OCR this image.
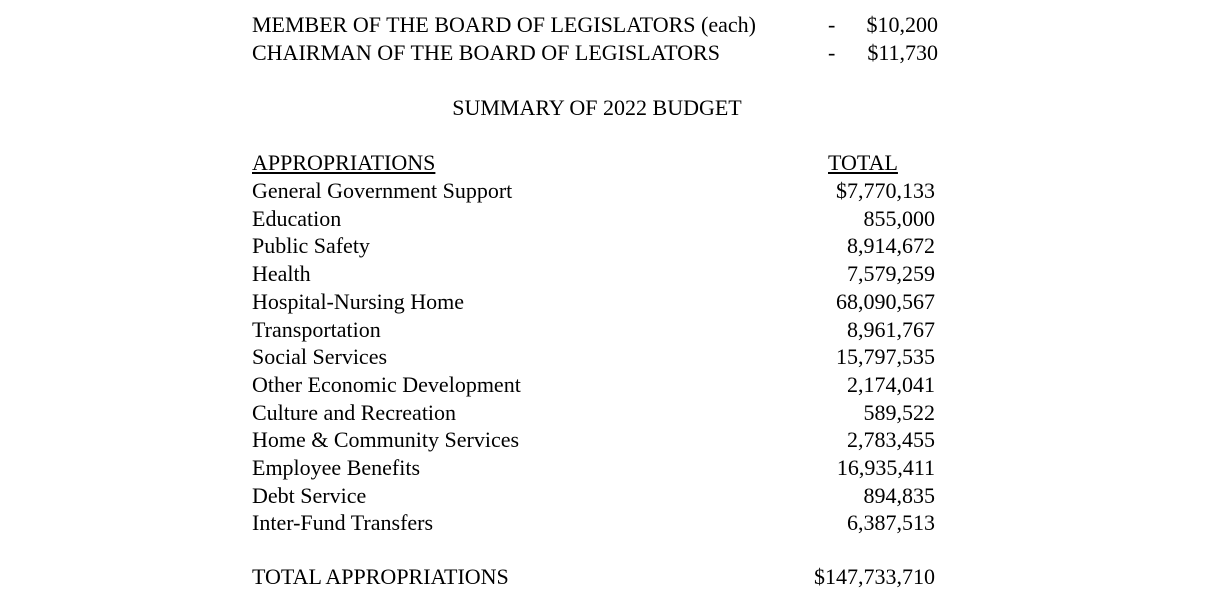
MEMBER OF THE BOARD OF LEGISLATORS (each)	- $10,200
CHAIRMAN OF THE BOARD OF LEGISLATORS	- $11,730
SUMMARY OF 2022 BUDGET
APPROPRIATIONS	TOTAL
General Government Support	$7,770,133
Education	855,000
Public Safety	8,914,672
Health	7,579,259
Hospital-Nursing Home	68,090,567
Transportation	8,961,767
Social Services	15,797,535
Other Economic Development	2,174,041
Culture and Recreation	589,522
Home & Community Services	2,783,455
Employee Benefits	16,935,411
Debt Service	894,835
Inter-Fund Transfers	6,387,513
TOTAL APPROPRIATIONS	$147,733,710
